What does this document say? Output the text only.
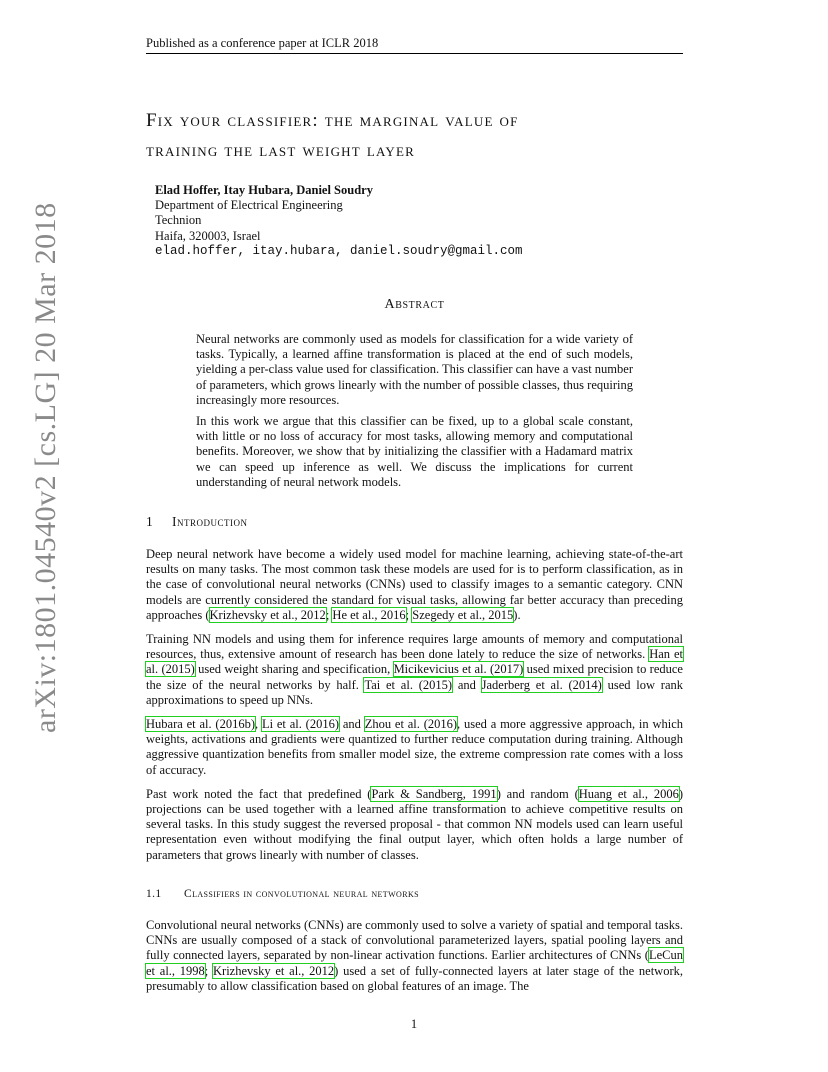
Published as a conference paper at ICLR 2018
arXiv:1801.04540v2 [cs.LG] 20 Mar 2018
Fix your classifier: the marginal value of
training the last weight layer
Elad Hoffer, Itay Hubara, Daniel Soudry
Department of Electrical Engineering
Technion
Haifa, 320003, Israel
elad.hoffer, itay.hubara, daniel.soudry@gmail.com
Abstract

Neural networks are commonly used as models for classification for a wide variety of tasks. Typically, a learned affine transformation is placed at the end of such models, yielding a per-class value used for classification. This classifier can have a vast number of parameters, which grows linearly with the number of possible classes, thus requiring increasingly more resources.

In this work we argue that this classifier can be fixed, up to a global scale constant, with little or no loss of accuracy for most tasks, allowing memory and computational benefits. Moreover, we show that by initializing the classifier with a Hadamard matrix we can speed up inference as well. We discuss the implications for current understanding of neural network models.

1 Introduction

Deep neural network have become a widely used model for machine learning, achieving state-of-the-art results on many tasks. The most common task these models are used for is to perform classification, as in the case of convolutional neural networks (CNNs) used to classify images to a semantic category. CNN models are currently considered the standard for visual tasks, allowing far better accuracy than preceding approaches (Krizhevsky et al., 2012; He et al., 2016; Szegedy et al., 2015).

Training NN models and using them for inference requires large amounts of memory and computational resources, thus, extensive amount of research has been done lately to reduce the size of networks. Han et al. (2015) used weight sharing and specification, Micikevicius et al. (2017) used mixed precision to reduce the size of the neural networks by half. Tai et al. (2015) and Jaderberg et al. (2014) used low rank approximations to speed up NNs.

Hubara et al. (2016b), Li et al. (2016) and Zhou et al. (2016), used a more aggressive approach, in which weights, activations and gradients were quantized to further reduce computation during training. Although aggressive quantization benefits from smaller model size, the extreme compression rate comes with a loss of accuracy.

Past work noted the fact that predefined (Park & Sandberg, 1991) and random (Huang et al., 2006) projections can be used together with a learned affine transformation to achieve competitive results on several tasks. In this study suggest the reversed proposal - that common NN models used can learn useful representation even without modifying the final output layer, which often holds a large number of parameters that grows linearly with number of classes.

1.1 Classifiers in convolutional neural networks
Convolutional neural networks (CNNs) are commonly used to solve a variety of spatial and temporal tasks. CNNs are usually composed of a stack of convolutional parameterized layers, spatial pooling layers and fully connected layers, separated by non-linear activation functions. Earlier architectures of CNNs (LeCun et al., 1998; Krizhevsky et al., 2012) used a set of fully-connected layers at later stage of the network, presumably to allow classification based on global features of an image. The
1
